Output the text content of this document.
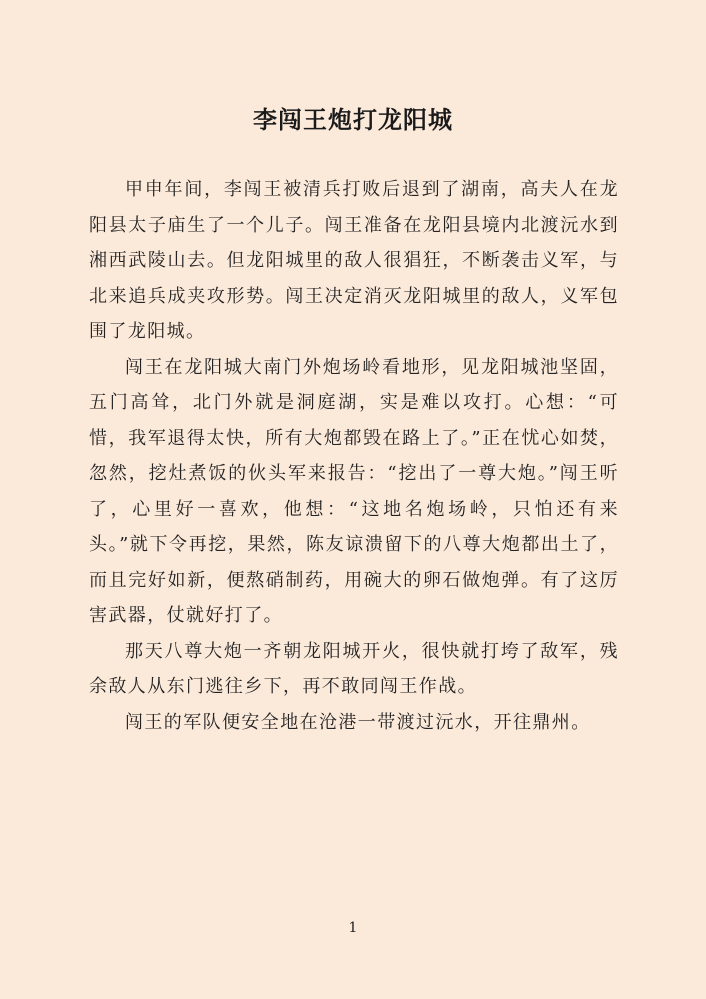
李闯王炮打龙阳城

甲申年间，李闯王被清兵打败后退到了湖南，高夫人在龙阳县太子庙生了一个儿子。闯王准备在龙阳县境内北渡沅水到湘西武陵山去。但龙阳城里的敌人很猖狂，不断袭击义军，与北来追兵成夹攻形势。闯王决定消灭龙阳城里的敌人，义军包围了龙阳城。

闯王在龙阳城大南门外炮场岭看地形，见龙阳城池坚固，五门高耸，北门外就是洞庭湖，实是难以攻打。心想：“可惜，我军退得太快，所有大炮都毁在路上了。”正在忧心如焚，忽然，挖灶煮饭的伙头军来报告：“挖出了一尊大炮。”闯王听了，心里好一喜欢，他想：“这地名炮场岭，只怕还有来头。”就下令再挖，果然，陈友谅溃留下的八尊大炮都出土了，而且完好如新，便熬硝制药，用碗大的卵石做炮弹。有了这厉害武器，仗就好打了。

那天八尊大炮一齐朝龙阳城开火，很快就打垮了敌军，残余敌人从东门逃往乡下，再不敢同闯王作战。

闯王的军队便安全地在沧港一带渡过沅水，开往鼎州。

1
